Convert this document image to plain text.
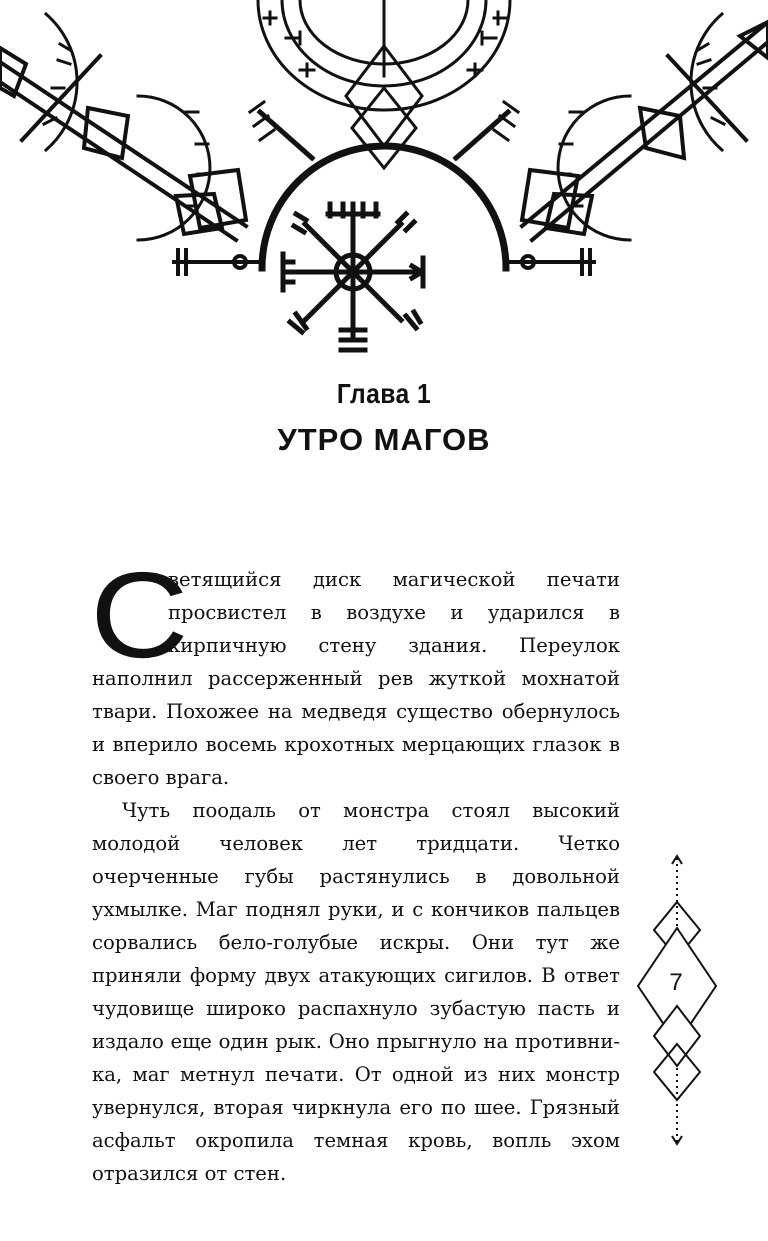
Глава 1
УТРО МАГОВ

С
ветящийся диск магической печати просвистел в воздухе и ударился в кирпичную стену здания. Переулок наполнил рассерженный рев жуткой мохнатой твари. Похожее на медведя существо обернулось и вперило восемь крохотных мерцающих глазок в своего врага.

Чуть поодаль от монстра стоял высокий молодой человек лет тридцати. Четко очерченные губы растянулись в довольной ухмылке. Маг поднял руки, и с кончиков пальцев сорвались бело-голубые искры. Они тут же приняли форму двух атакующих сигилов. В ответ чудовище широко распахнуло зубастую пасть и издало еще один рык. Оно прыгнуло на противника, маг метнул печати. От одной из них монстр увернулся, вторая чиркнула его по шее. Грязный асфальт окропила темная кровь, вопль эхом отразился от стен.

7
